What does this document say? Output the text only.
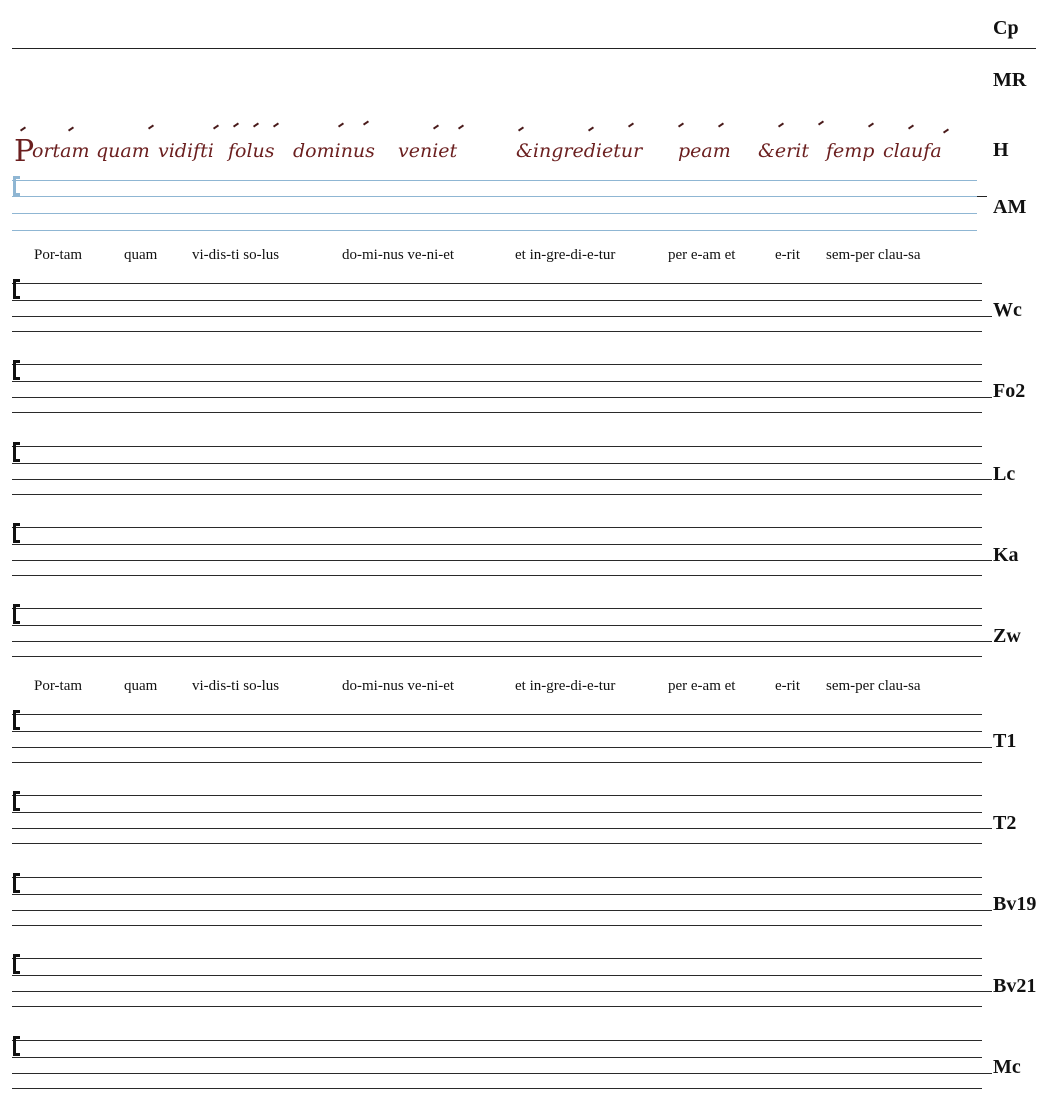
Cp
MR
P
ortam quam vidifti folus dominus veniet	&ingredietur peam &erit femp claufa	H
AM
Por-tam	quam vi-dis-ti so-lus	do-mi-nus ve-ni-et	et in-gre-di-e-tur	per e-am et	e-rit sem-per clau-sa
Wc
Fo2
Lc
Ka
Zw
Por-tam	quam vi-dis-ti so-lus	do-mi-nus ve-ni-et	et in-gre-di-e-tur	per e-am et	e-rit sem-per clau-sa
T1
T2
Bv19
Bv21
Mc
